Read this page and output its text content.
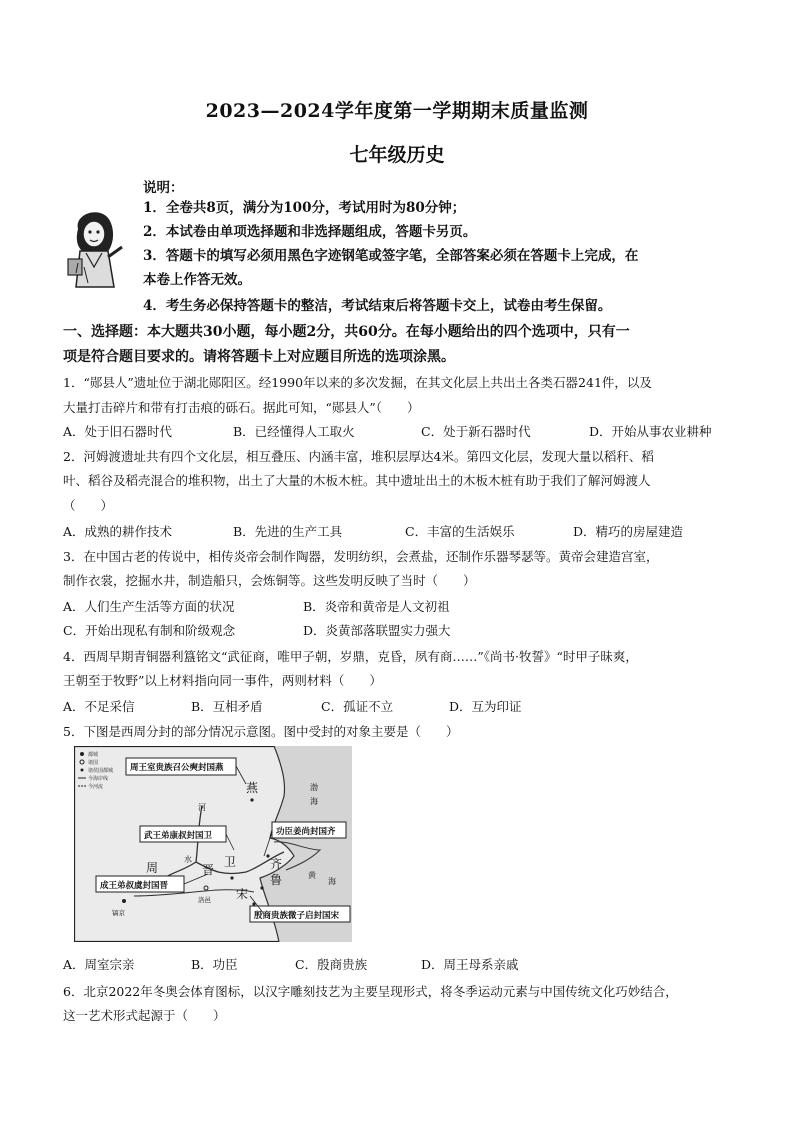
2023—2024学年度第一学期期末质量监测
七年级历史
说明：
1．全卷共8页，满分为100分，考试用时为80分钟；
2．本试卷由单项选择题和非选择题组成，答题卡另页。
3．答题卡的填写必须用黑色字迹钢笔或签字笔，全部答案必须在答题卡上完成，在
本卷上作答无效。
4．考生务必保持答题卡的整洁，考试结束后将答题卡交上，试卷由考生保留。
一、选择题：本大题共30小题，每小题2分，共60分。在每小题给出的四个选项中，只有一
项是符合题目要求的。请将答题卡上对应题目所选的选项涂黑。
1．“郧县人”遗址位于湖北郧阳区。经1990年以来的多次发掘，在其文化层上共出土各类石器241件，以及
大量打击碎片和带有打击痕的砾石。据此可知，“郧县人”（　　）
A．处于旧石器时代	B．已经懂得人工取火	C．处于新石器时代	D．开始从事农业耕种
2．河姆渡遗址共有四个文化层，相互叠压、内涵丰富，堆积层厚达4米。第四文化层，发现大量以稻秆、稻
叶、稻谷及稻壳混合的堆积物，出土了大量的木板木桩。其中遗址出土的木板木桩有助于我们了解河姆渡人
（　　）
A．成熟的耕作技术	B．先进的生产工具	C．丰富的生活娱乐	D．精巧的房屋建造
3．在中国古老的传说中，相传炎帝会制作陶器，发明纺织，会煮盐，还制作乐器琴瑟等。黄帝会建造宫室，
制作衣裳，挖掘水井，制造船只，会炼铜等。这些发明反映了当时（　　）
A．人们生产生活等方面的状况	B．炎帝和黄帝是人文初祖
C．开始出现私有制和阶级观念	D．炎黄部落联盟实力强大
4．西周早期青铜器利簋铭文“武征商，唯甲子朝，岁鼎，克昏，夙有商……”《尚书·牧誓》“时甲子昧爽，
王朝至于牧野”以上材料指向同一事件，两则材料（　　）
A．不足采信	B．互相矛盾	C．孤证不立	D．互为印证
5．下图是西周分封的部分情况示意图。图中受封的对象主要是（　　）
都城
诸国
诸侯国都城
今海岸线
今河流
周王室贵族召公奭封国燕
武王弟康叔封国卫
成王弟叔虞封国晋
功臣姜尚封国齐
殷商贵族微子启封国宋
燕
卫
晋	齐
鲁
宋
周
镐京
洛邑
河
水
渤
海
黄
海
A．周室宗亲	B．功臣	C．殷商贵族	D．周王母系亲戚
6．北京2022年冬奥会体育图标，以汉字雕刻技艺为主要呈现形式，将冬季运动元素与中国传统文化巧妙结合，
这一艺术形式起源于（　　）
